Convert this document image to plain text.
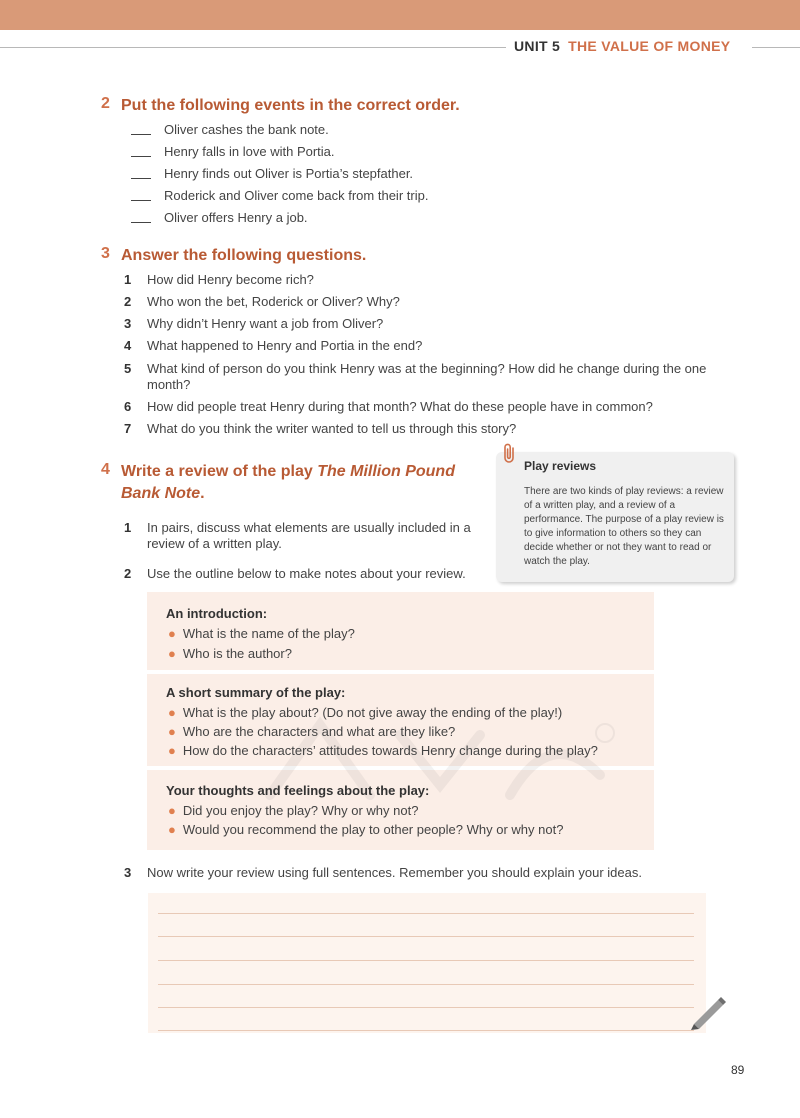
UNIT 5 THE VALUE OF MONEY
2 Put the following events in the correct order.
Oliver cashes the bank note.
Henry falls in love with Portia.
Henry finds out Oliver is Portia’s stepfather.
Roderick and Oliver come back from their trip.
Oliver offers Henry a job.
3 Answer the following questions.
1 How did Henry become rich?
2 Who won the bet, Roderick or Oliver? Why?
3 Why didn’t Henry want a job from Oliver?
4 What happened to Henry and Portia in the end?
5 What kind of person do you think Henry was at the beginning? How did he change during the one month?
6 How did people treat Henry during that month? What do these people have in common?
7 What do you think the writer wanted to tell us through this story?
4 Write a review of the play The Million Pound
Bank Note.
Play reviews
There are two kinds of play reviews: a review of a written play, and a review of a performance. The purpose of a play review is to give information to others so they can decide whether or not they want to read or watch the play.
1 In pairs, discuss what elements are usually included in a review of a written play.
2 Use the outline below to make notes about your review.
An introduction:
● What is the name of the play?
● Who is the author?
A short summary of the play:
● What is the play about? (Do not give away the ending of the play!)
● Who are the characters and what are they like?
● How do the characters’ attitudes towards Henry change during the play?
Your thoughts and feelings about the play:
● Did you enjoy the play? Why or why not?
● Would you recommend the play to other people? Why or why not?
3 Now write your review using full sentences. Remember you should explain your ideas.
89
